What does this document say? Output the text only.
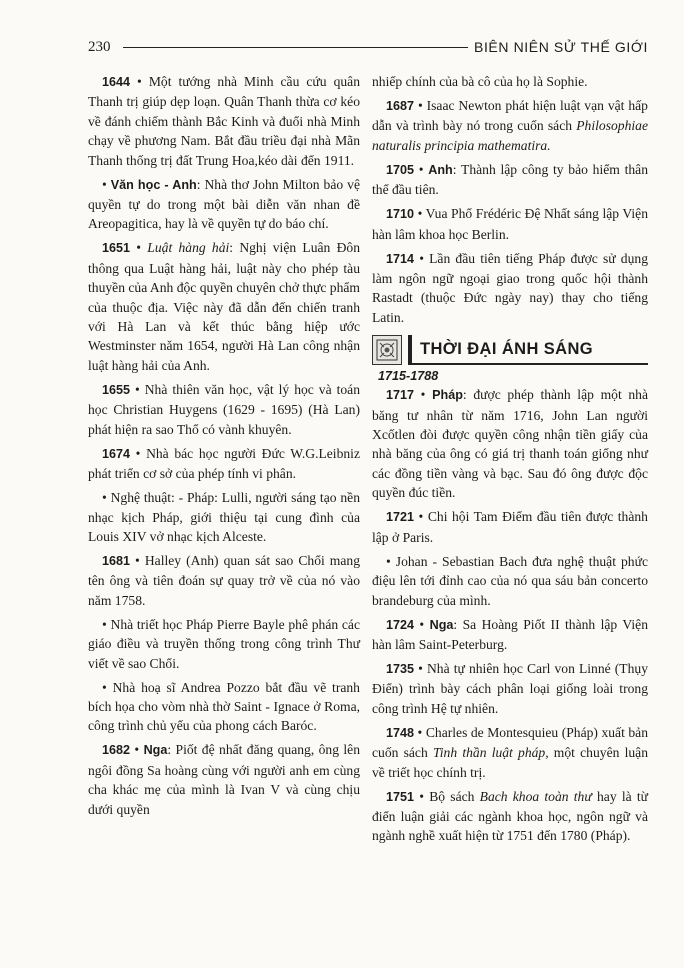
230	BIÊN NIÊN SỬ THẾ GIỚI

1644 • Một tướng nhà Minh cầu cứu quân Thanh trị giúp dẹp loạn. Quân Thanh thừa cơ kéo về đánh chiếm thành Bắc Kinh và đuổi nhà Minh chạy về phương Nam. Bắt đầu triều đại nhà Mãn Thanh thống trị đất Trung Hoa,kéo dài đến 1911.

• Văn học - Anh: Nhà thơ John Milton bảo vệ quyền tự do trong một bài diễn văn nhan đề Areopagitica, hay là về quyền tự do báo chí.

1651 • Luật hàng hải: Nghị viện Luân Đôn thông qua Luật hàng hải, luật này cho phép tàu thuyền của Anh độc quyền chuyên chở thực phẩm của thuộc địa. Việc này đã dẫn đến chiến tranh với Hà Lan và kết thúc bằng hiệp ước Westminster năm 1654, người Hà Lan công nhận luật hàng hải của Anh.

1655 • Nhà thiên văn học, vật lý học và toán học Christian Huygens (1629 - 1695) (Hà Lan) phát hiện ra sao Thổ có vành khuyên.

1674 • Nhà bác học người Đức W.G.Leibniz phát triển cơ sở của phép tính vi phân.

• Nghệ thuật: - Pháp: Lulli, người sáng tạo nền nhạc kịch Pháp, giới thiệu tại cung đình của Louis XIV vở nhạc kịch Alceste.

1681 • Halley (Anh) quan sát sao Chổi mang tên ông và tiên đoán sự quay trở về của nó vào năm 1758.

• Nhà triết học Pháp Pierre Bayle phê phán các giáo điều và truyền thống trong công trình Thư viết về sao Chổi.

• Nhà hoạ sĩ Andrea Pozzo bắt đầu vẽ tranh bích họa cho vòm nhà thờ Saint - Ignace ở Roma, công trình chủ yếu của phong cách Baróc.

1682 • Nga: Piốt đệ nhất đăng quang, ông lên ngôi đồng Sa hoàng cùng với người anh em cùng cha khác mẹ của mình là Ivan V và cùng chịu dưới quyền

nhiếp chính của bà cô của họ là Sophie.

1687 • Isaac Newton phát hiện luật vạn vật hấp dẫn và trình bày nó trong cuốn sách Philosophiae naturalis principia mathematira.

1705 • Anh: Thành lập công ty bảo hiểm thân thể đầu tiên.

1710 • Vua Phổ Frédéric Đệ Nhất sáng lập Viện hàn lâm khoa học Berlin.

1714 • Lần đầu tiên tiếng Pháp được sử dụng làm ngôn ngữ ngoại giao trong quốc hội thành Rastadt (thuộc Đức ngày nay) thay cho tiếng Latin.

THỜI ĐẠI ÁNH SÁNG
1715-1788

1717 • Pháp: được phép thành lập một nhà băng tư nhân từ năm 1716, John Lan người Xcốtlen đòi được quyền công nhận tiền giấy của nhà băng của ông có giá trị thanh toán giống như các đồng tiền vàng và bạc. Sau đó ông được độc quyền đúc tiền.

1721 • Chi hội Tam Điểm đầu tiên được thành lập ở Paris.

• Johan - Sebastian Bach đưa nghệ thuật phức điệu lên tới đỉnh cao của nó qua sáu bản concerto brandeburg của mình.

1724 • Nga: Sa Hoàng Piốt II thành lập Viện hàn lâm Saint-Peterburg.

1735 • Nhà tự nhiên học Carl von Linné (Thụy Điển) trình bày cách phân loại giống loài trong công trình Hệ tự nhiên.

1748 • Charles de Montesquieu (Pháp) xuất bản cuốn sách Tinh thần luật pháp, một chuyên luận về triết học chính trị.

1751 • Bộ sách Bach khoa toàn thư hay là từ điển luận giải các ngành khoa học, ngôn ngữ và ngành nghề xuất hiện từ 1751 đến 1780 (Pháp).
